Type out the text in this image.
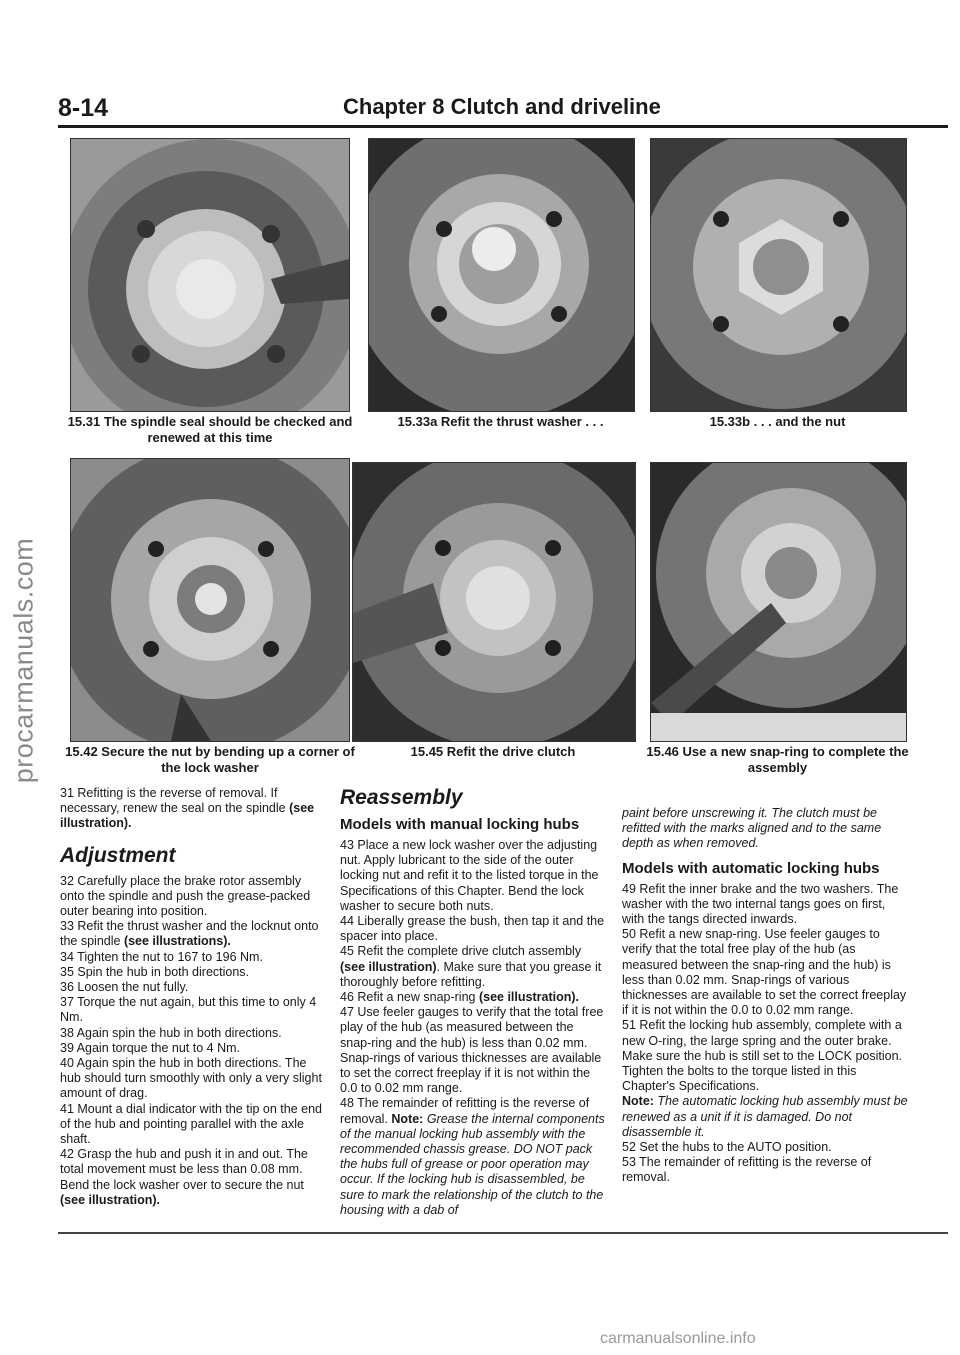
procarmanuals.com
8-14	Chapter 8 Clutch and driveline
15.31 The spindle seal should be checked and renewed at this time
15.33a Refit the thrust washer . . .	15.33b . . . and the nut
15.42 Secure the nut by bending up a corner of the lock washer
15.45 Refit the drive clutch	15.46 Use a new snap-ring to complete the assembly

31 Refitting is the reverse of removal. If necessary, renew the seal on the spindle (see illustration).

Adjustment

32 Carefully place the brake rotor assembly onto the spindle and push the grease-packed outer bearing into position.

33 Refit the thrust washer and the locknut onto the spindle (see illustrations).

34 Tighten the nut to 167 to 196 Nm.

35 Spin the hub in both directions.

36 Loosen the nut fully.

37 Torque the nut again, but this time to only 4 Nm.

38 Again spin the hub in both directions.

39 Again torque the nut to 4 Nm.

40 Again spin the hub in both directions. The hub should turn smoothly with only a very slight amount of drag.

41 Mount a dial indicator with the tip on the end of the hub and pointing parallel with the axle shaft.

42 Grasp the hub and push it in and out. The total movement must be less than 0.08 mm. Bend the lock washer over to secure the nut (see illustration).

Reassembly
Models with manual locking hubs

43 Place a new lock washer over the adjusting nut. Apply lubricant to the side of the outer locking nut and refit it to the listed torque in the Specifications of this Chapter. Bend the lock washer to secure both nuts.

44 Liberally grease the bush, then tap it and the spacer into place.

45 Refit the complete drive clutch assembly (see illustration). Make sure that you grease it thoroughly before refitting.

46 Refit a new snap-ring (see illustration).

47 Use feeler gauges to verify that the total free play of the hub (as measured between the snap-ring and the hub) is less than 0.02 mm. Snap-rings of various thicknesses are available to set the correct freeplay if it is not within the 0.0 to 0.02 mm range.

48 The remainder of refitting is the reverse of removal. Note: Grease the internal components of the manual locking hub assembly with the recommended chassis grease. DO NOT pack the hubs full of grease or poor operation may occur. If the locking hub is disassembled, be sure to mark the relationship of the clutch to the housing with a dab of

paint before unscrewing it. The clutch must be refitted with the marks aligned and to the same depth as when removed.

Models with automatic locking hubs

49 Refit the inner brake and the two washers. The washer with the two internal tangs goes on first, with the tangs directed inwards.

50 Refit a new snap-ring. Use feeler gauges to verify that the total free play of the hub (as measured between the snap-ring and the hub) is less than 0.02 mm. Snap-rings of various thicknesses are available to set the correct freeplay if it is not within the 0.0 to 0.02 mm range.

51 Refit the locking hub assembly, complete with a new O-ring, the large spring and the outer brake. Make sure the hub is still set to the LOCK position. Tighten the bolts to the torque listed in this Chapter's Specifications.

Note: The automatic locking hub assembly must be renewed as a unit if it is damaged. Do not disassemble it.

52 Set the hubs to the AUTO position.

53 The remainder of refitting is the reverse of removal.

carmanualsonline.info
